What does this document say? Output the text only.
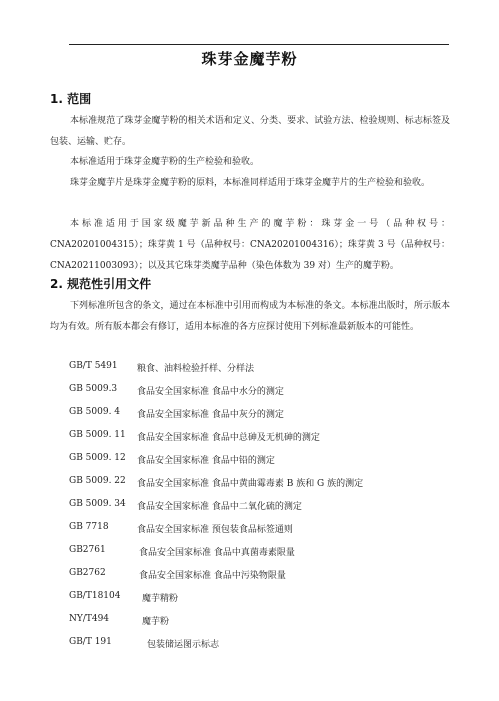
珠芽金魔芋粉
1. 范围

本标准规范了珠芽金魔芋粉的相关术语和定义、分类、要求、试验方法、检验规则、标志标签及包装、运输、贮存。

本标准适用于珠芽金魔芋粉的生产检验和验收。

珠芽金魔芋片是珠芽金魔芋粉的原料，本标准同样适用于珠芽金魔芋片的生产检验和验收。

本标准适用于国家级魔芋新品种生产的魔芋粉：珠芽金一号（品种权号：CNA20201004315）；珠芽黄 1 号（品种权号：CNA20201004316）；珠芽黄 3 号（品种权号：CNA20211003093）；以及其它珠芽类魔芋品种（染色体数为 39 对）生产的魔芋粉。

2. 规范性引用文件

下列标准所包含的条文，通过在本标准中引用而构成为本标准的条文。本标准出版时，所示版本均为有效。所有版本都会有修订，适用本标准的各方应探讨使用下列标准最新版本的可能性。

GB/T 5491 粮食、油料检验扦样、分样法
GB 5009.3 食品安全国家标准 食品中水分的测定
GB 5009. 4 食品安全国家标准 食品中灰分的测定
GB 5009. 11 食品安全国家标准 食品中总砷及无机砷的测定
GB 5009. 12 食品安全国家标准 食品中铅的测定
GB 5009. 22 食品安全国家标准 食品中黄曲霉毒素 B 族和 G 族的测定
GB 5009. 34 食品安全国家标准 食品中二氧化硫的测定
GB 7718	食品安全国家标准 预包装食品标签通则
GB2761	食品安全国家标准 食品中真菌毒素限量
GB2762	食品安全国家标准 食品中污染物限量
GB/T18104 魔芋精粉
NY/T494	魔芋粉
GB/T 191	包装储运图示标志
